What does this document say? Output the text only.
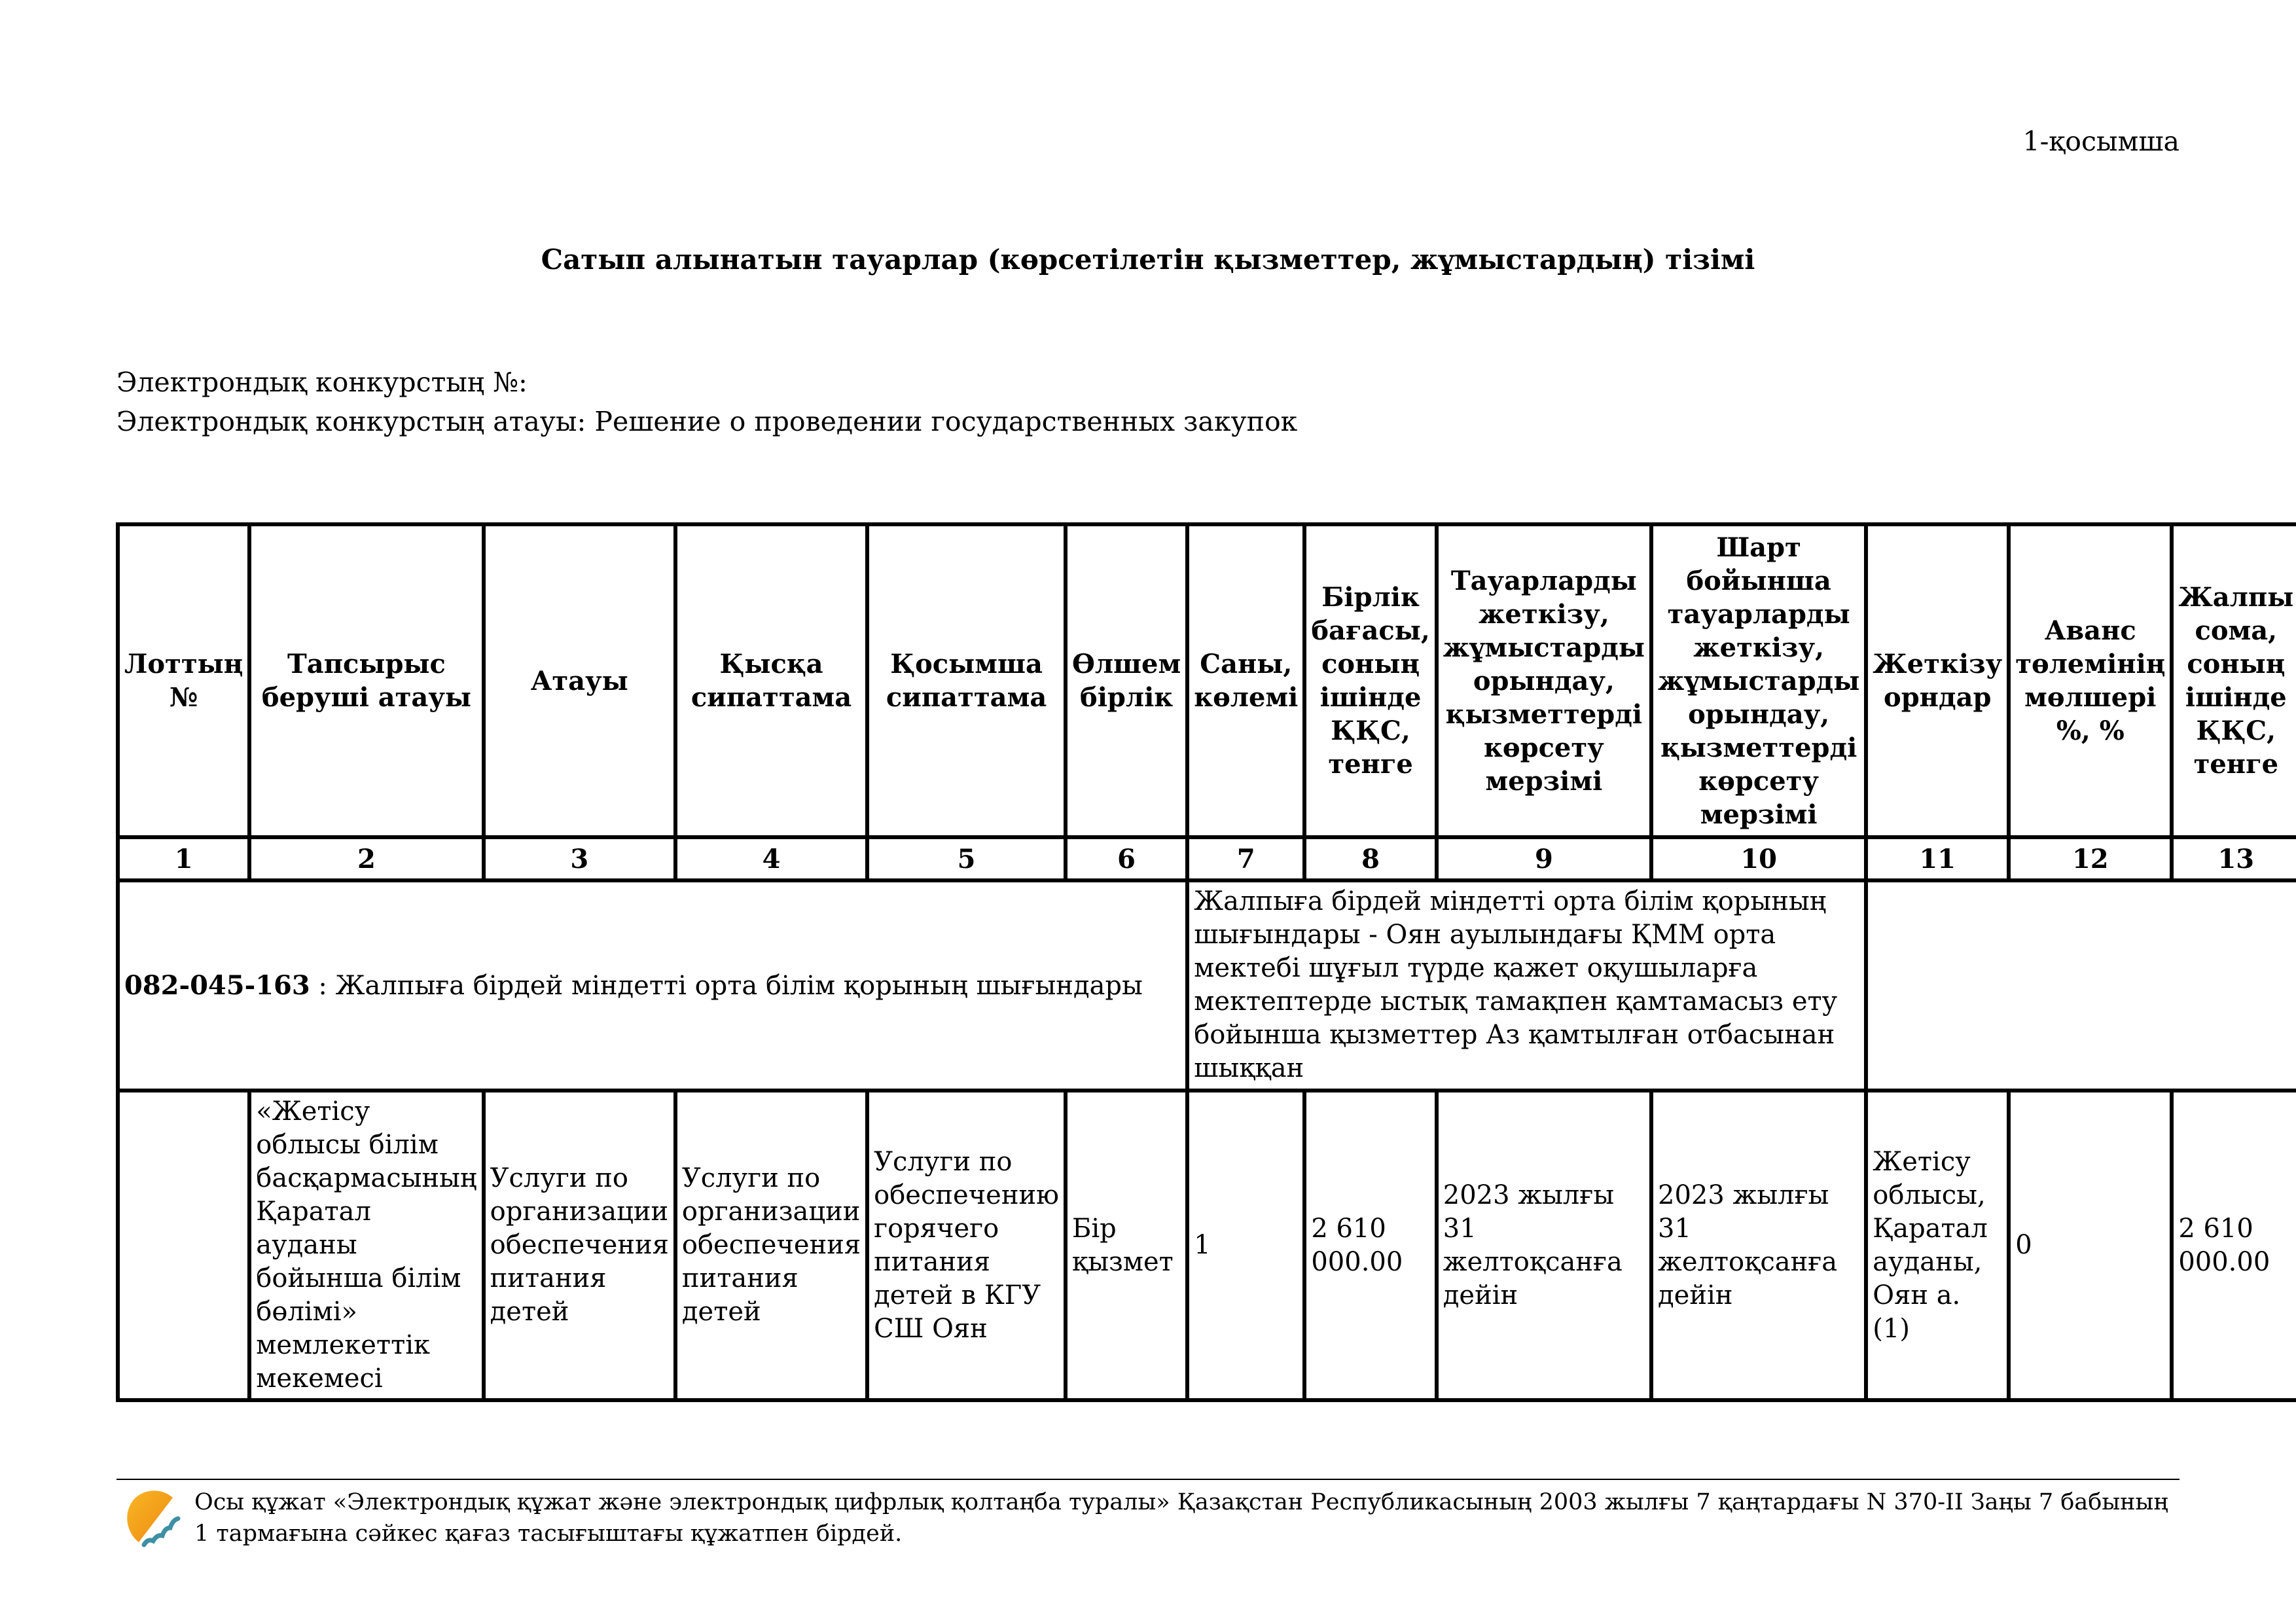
1-қосымша
Сатып алынатын тауарлар (көрсетілетін қызметтер, жұмыстардың) тізімі
Электрондық конкурстың №:
Электрондық конкурстың атауы: Решение о проведении государственных закупок
Лоттың №	Тапсырыс беруші атауы	Атауы	Қысқа сипаттама	Қосымша сипаттама	Өлшем бірлік	Саны, көлемі	Бірлік бағасы, соның ішінде ҚҚС, тенге	Тауарларды жеткізу, жұмыстарды орындау, қызметтерді көрсету мерзімі	Шарт бойынша тауарларды жеткізу, жұмыстарды орындау, қызметтерді көрсету мерзімі	Жеткізу орндар	Аванс төлемінің мөлшері %, %	Жалпы сома, соның ішінде ҚҚС, тенге
1	2	3	4	5	6	7	8	9	10	11	12	13
082-045-163 : Жалпыға бірдей міндетті орта білім қорының шығындары						Жалпыға бірдей міндетті орта білім қорының шығындары - Оян ауылындағы ҚММ орта мектебі шұғыл түрде қажет оқушыларға мектептерде ыстық тамақпен қамтамасыз ету бойынша қызметтер Аз қамтылған отбасынан шыққан						
	«Жетісу облысы білім басқармасының Қаратал ауданы бойынша білім бөлімі» мемлекеттік мекемесі	Услуги по организации обеспечения питания детей	Услуги по организации обеспечения питания детей	Услуги по обеспечению горячего питания детей в КГУ СШ Оян	Бір қызмет	1	2 610 000.00	2023 жылғы 31 желтоқсанға дейін	2023 жылғы 31 желтоқсанға дейін	Жетісу облысы, Қаратал ауданы, Оян а. (1)	0	2 610 000.00
Осы құжат «Электрондық құжат және электрондық цифрлық қолтаңба туралы» Қазақстан Республикасының 2003 жылғы 7 қаңтардағы N 370-II Заңы 7 бабының 1 тармағына сәйкес қағаз тасығыштағы құжатпен бірдей.
